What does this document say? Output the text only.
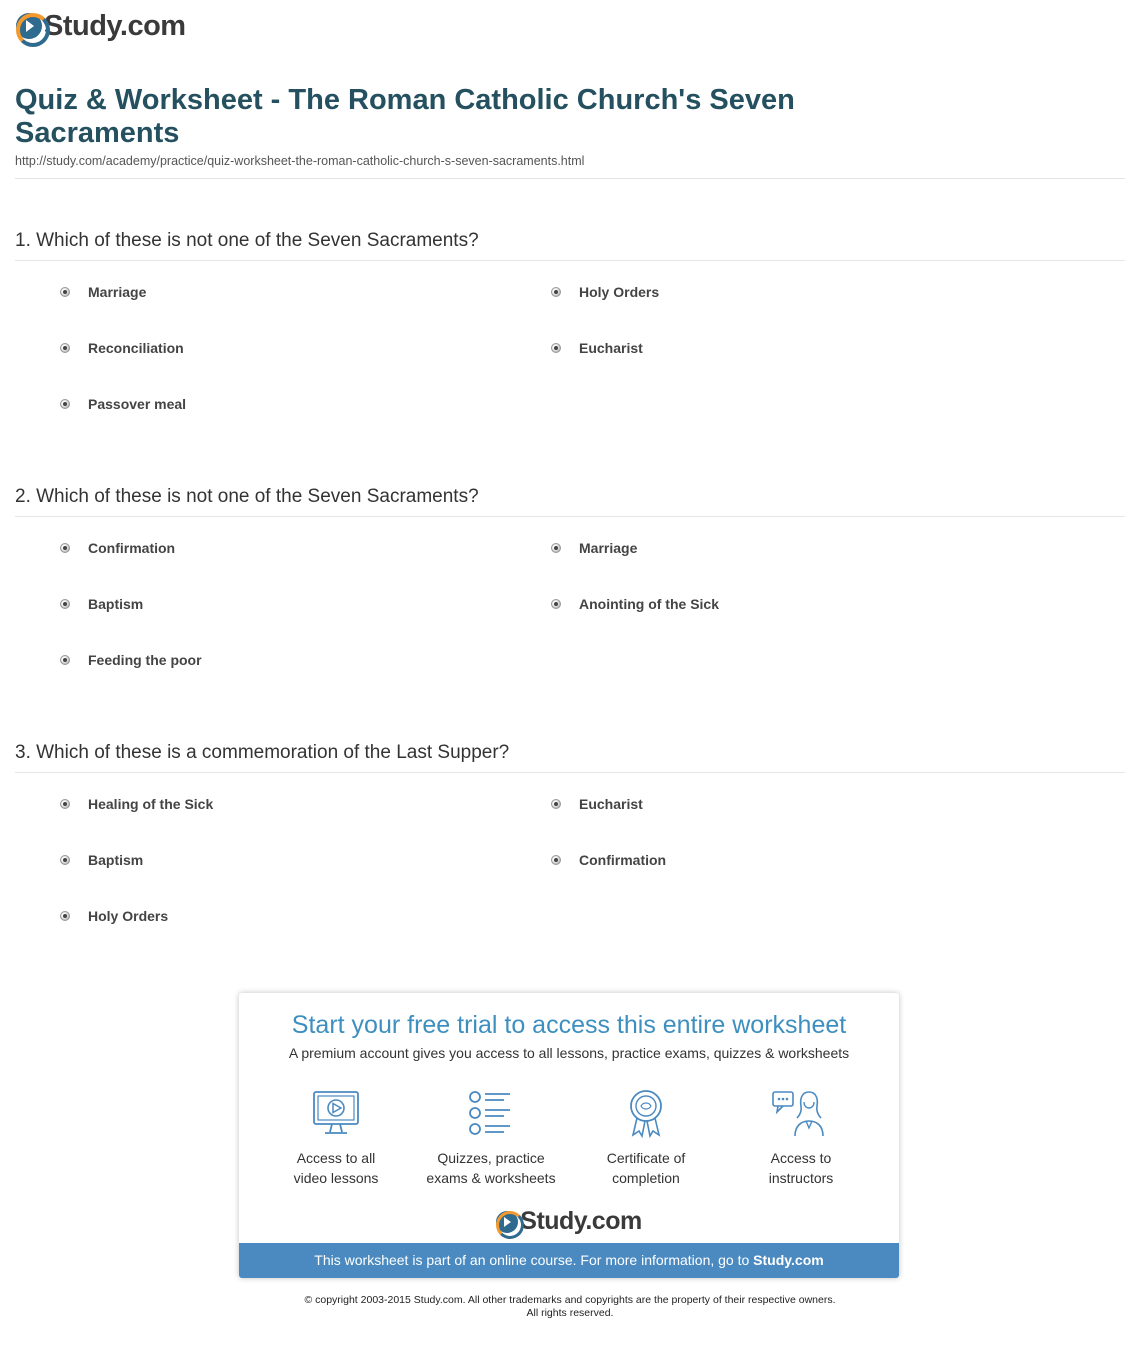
Study.com
Quiz & Worksheet - The Roman Catholic Church's Seven Sacraments
http://study.com/academy/practice/quiz-worksheet-the-roman-catholic-church-s-seven-sacraments.html
1. Which of these is not one of the Seven Sacraments?
Marriage	Holy Orders
Reconciliation	Eucharist
Passover meal
2. Which of these is not one of the Seven Sacraments?
Confirmation	Marriage
Baptism	Anointing of the Sick
Feeding the poor
3. Which of these is a commemoration of the Last Supper?
Healing of the Sick	Eucharist
Baptism	Confirmation
Holy Orders
Start your free trial to access this entire worksheet
A premium account gives you access to all lessons, practice exams, quizzes & worksheets
Access to all
video lessons
Quizzes, practice
exams & worksheets
Certificate of
completion
Access to
instructors
Study.com
This worksheet is part of an online course. For more information, go to Study.com
© copyright 2003-2015 Study.com. All other trademarks and copyrights are the property of their respective owners.
All rights reserved.
